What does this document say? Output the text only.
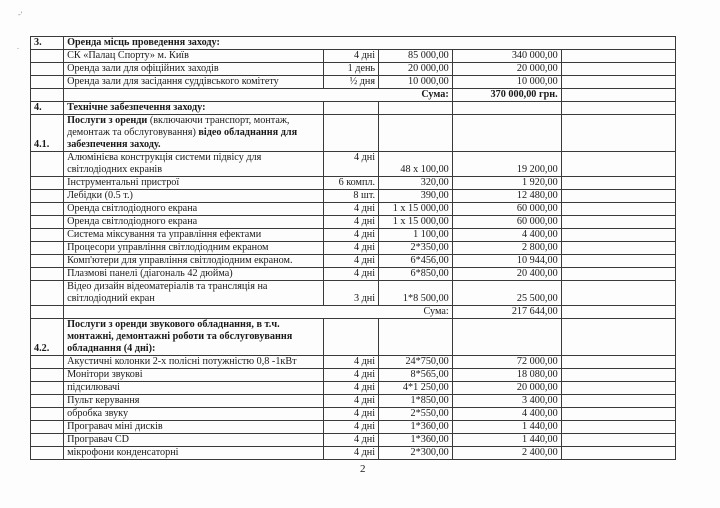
-'
. 3.	Оренда місць проведення заходу:				
	СК «Палац Спорту» м. Київ	4 дні	85 000,00	340 000,00	
	Оренда зали для офіційних заходів	1 день	20 000,00	20 000,00	
	Оренда зали для засідання суддівського комітету	½ дня	10 000,00	10 000,00	
	Сума:			370 000,00 грн.	
4.	Технічне забезпечення заходу:				
4.1.	Послуги з оренди (включаючи транспорт, монтаж, демонтаж та обслуговування) відео обладнання для забезпечення заходу.				
	Алюмінієва конструкція системи підвісу для світлодіодних екранів	4 дні	48 х 100,00	19 200,00	
	Інструментальні пристрої	6 компл.	320,00	1 920,00	
	Лебідки (0.5 т.)	8 шт.	390,00	12 480,00	
	Оренда світлодіодного екрана	4 дні	1 х 15 000,00	60 000,00	
	Оренда світлодіодного екрана	4 дні	1 х 15 000,00	60 000,00	
	Система міксування та управління ефектами	4 дні	1 100,00	4 400,00	
	Процесори управління світлодіодним екраном	4 дні	2*350,00	2 800,00	
	Комп'ютери для управління світлодіодним екраном.	4 дні	6*456,00	10 944,00	
	Плазмові панелі (діагональ 42 дюйма)	4 дні	6*850,00	20 400,00	
	Відео дизайн відеоматеріалів та трансляція на світлодіодний екран	3 дні	1*8 500,00	25 500,00	
	Сума:			217 644,00	
4.2.	Послуги з оренди звукового обладнання, в т.ч. монтажні, демонтажні роботи та обслуговування обладнання (4 дні):				
	Акустичні колонки 2-х полісні потужністю 0,8 -1кВт	4 дні	24*750,00	72 000,00	
	Монітори звукові	4 дні	8*565,00	18 080,00	
	підсилювачі	4 дні	4*1 250,00	20 000,00	
	Пульт керування	4 дні	1*850,00	3 400,00	
	обробка звуку	4 дні	2*550,00	4 400,00	
	Програвач міні дисків	4 дні	1*360,00	1 440,00	
	Програвач CD	4 дні	1*360,00	1 440,00	
	мікрофони конденсаторні	4 дні	2*300,00	2 400,00	
2
